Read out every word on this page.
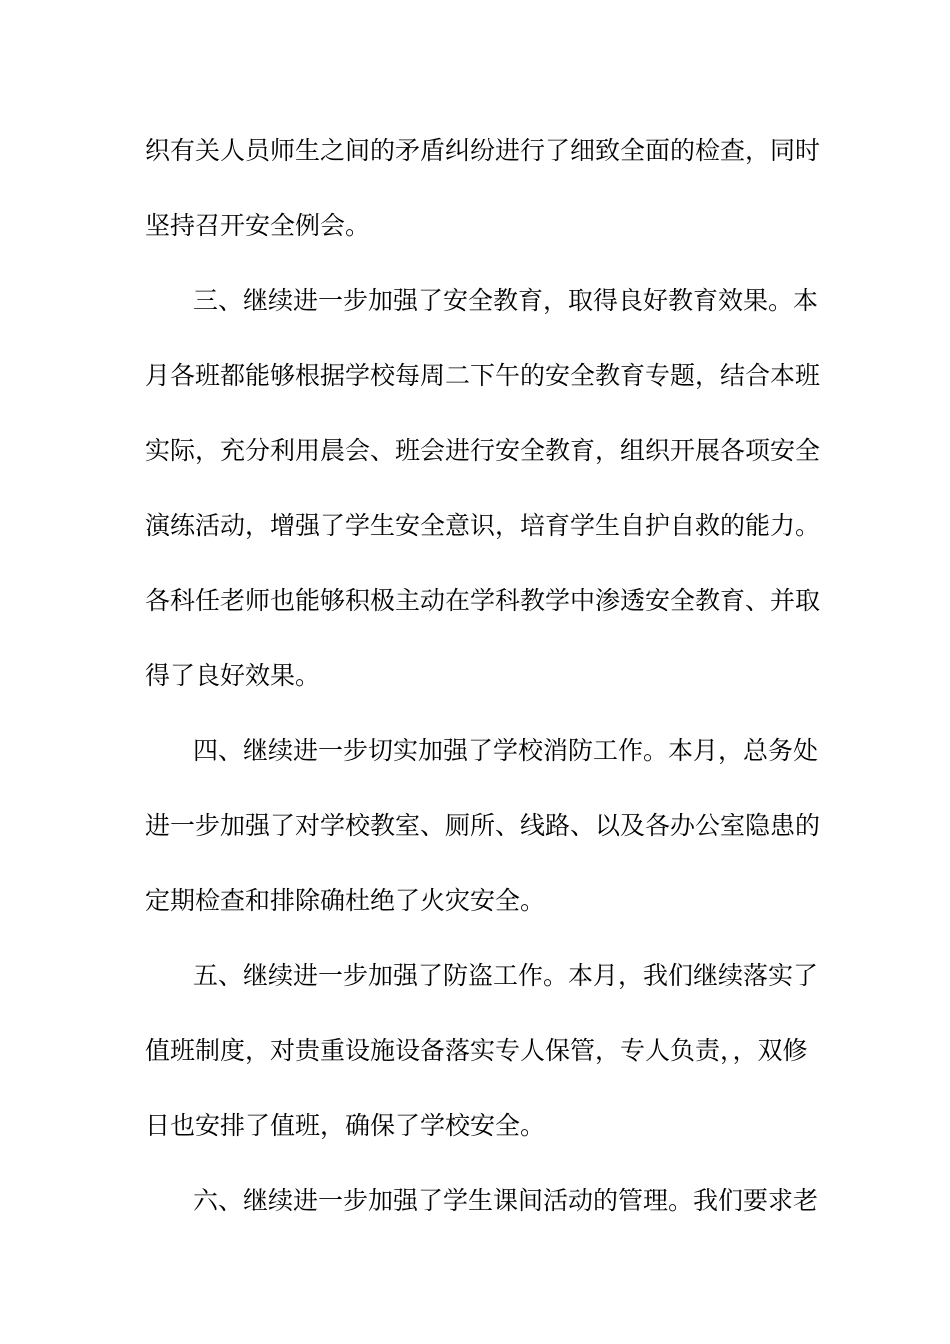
织有关人员师生之间的矛盾纠纷进行了细致全面的检查，同时
坚持召开安全例会。
三、继续进一步加强了安全教育，取得良好教育效果。本
月各班都能够根据学校每周二下午的安全教育专题，结合本班
实际，充分利用晨会、班会进行安全教育，组织开展各项安全
演练活动，增强了学生安全意识，培育学生自护自救的能力。
各科任老师也能够积极主动在学科教学中渗透安全教育、并取
得了良好效果。
四、继续进一步切实加强了学校消防工作。本月，总务处
进一步加强了对学校教室、厕所、线路、以及各办公室隐患的
定期检查和排除确杜绝了火灾安全。
五、继续进一步加强了防盗工作。本月，我们继续落实了
值班制度，对贵重设施设备落实专人保管，专人负责，，双修
日也安排了值班，确保了学校安全。
六、继续进一步加强了学生课间活动的管理。我们要求老
